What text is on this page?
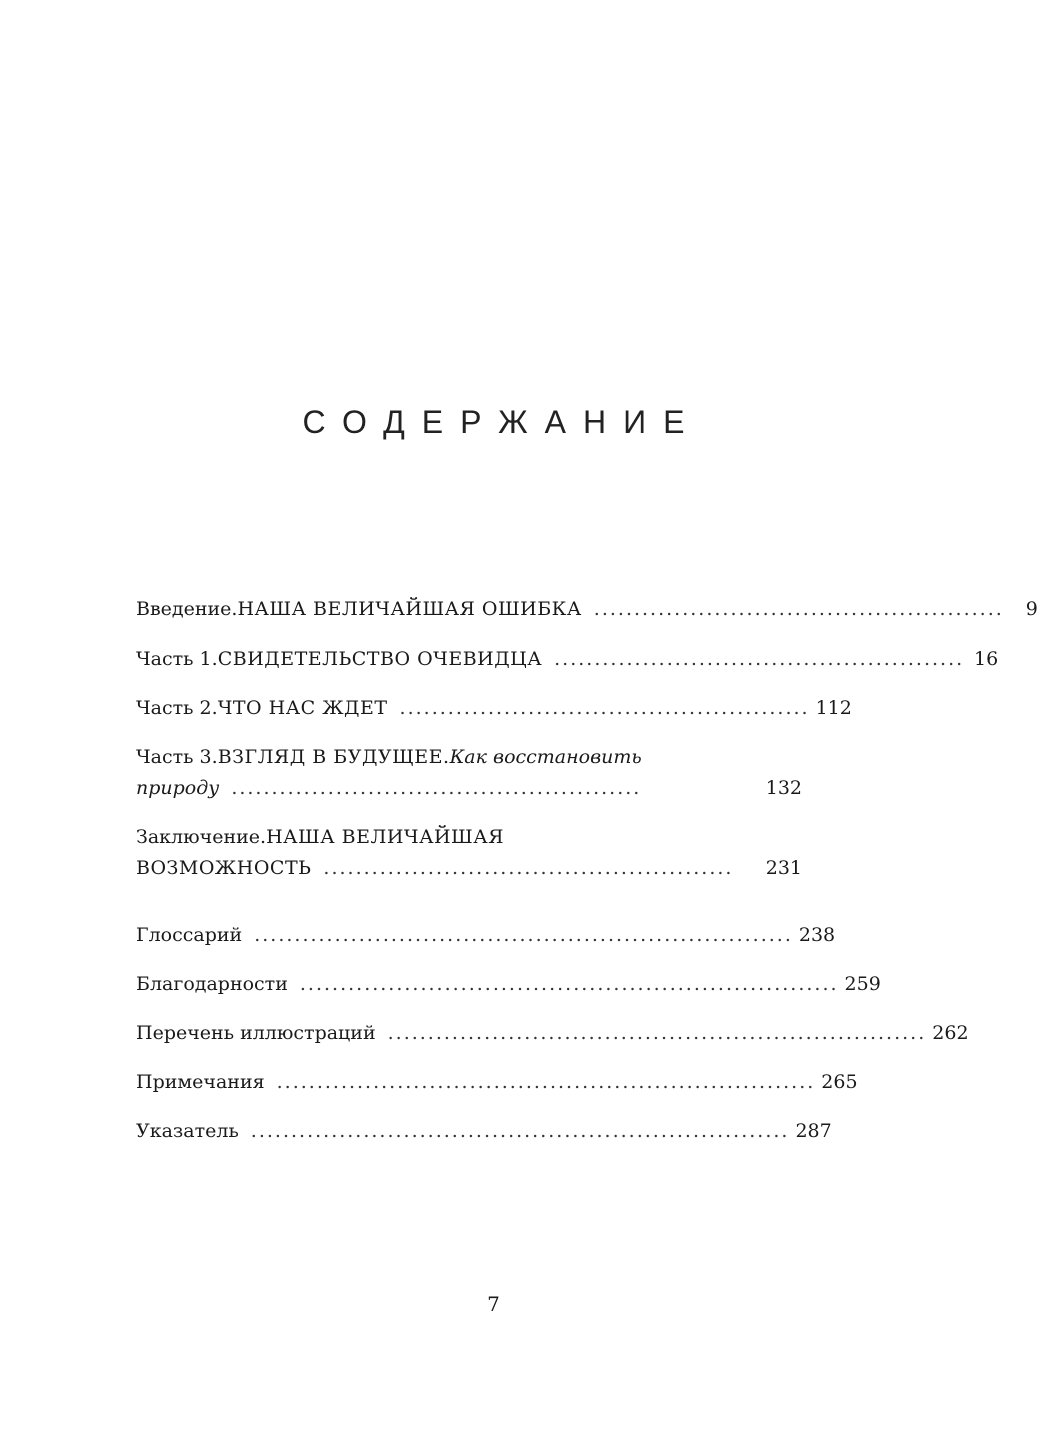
СОДЕРЖАНИЕ
Введение. НАША ВЕЛИЧАЙШАЯ ОШИБКА ...................................................	9
Часть 1. СВИДЕТЕЛЬСТВО ОЧЕВИДЦА ................................................... 16
Часть 2. ЧТО НАС ЖДЕТ ................................................... 112
Часть 3. ВЗГЛЯД В БУДУЩЕЕ. Как восстановить
природу ...................................................	132
Заключение. НАША ВЕЛИЧАЙШАЯ
ВОЗМОЖНОСТЬ ...................................................	231
Глоссарий ................................................................... 238
Благодарности ................................................................... 259
Перечень иллюстраций ................................................................... 262
Примечания ................................................................... 265
Указатель ................................................................... 287
7
